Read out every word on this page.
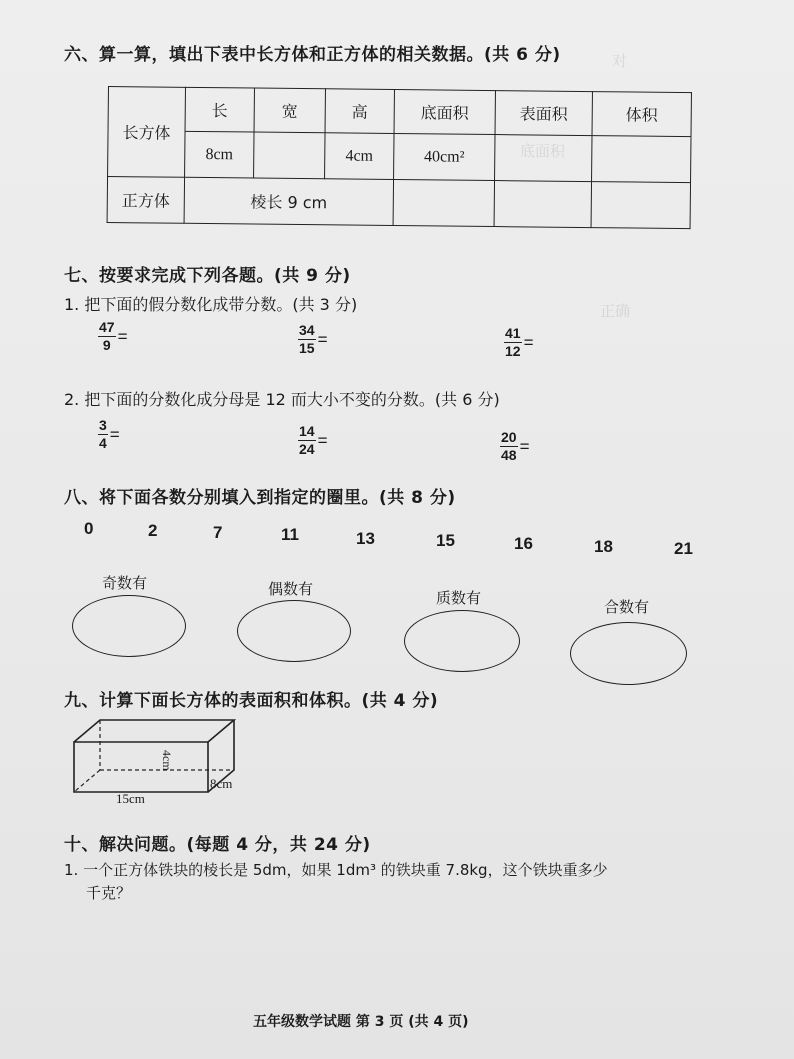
对
底面积
正确
六、算一算，填出下表中长方体和正方体的相关数据。(共 6 分)
长方体	长	宽	高	底面积	表面积	体积
	8cm		4cm	40cm²		
正方体	棱长 9 cm					
七、按要求完成下列各题。(共 9 分)
1. 把下面的假分数化成带分数。(共 3 分)
$\frac{47}{9}$ =	$\frac{34}{15}$ =	$\frac{41}{12}$ =
2. 把下面的分数化成分母是 12 而大小不变的分数。(共 6 分)
$\frac{3}{4}$ =	$\frac{14}{24}$ =	$\frac{20}{48}$ =
八、将下面各数分别填入到指定的圈里。(共 8 分)
0	2	7	11	13	15	16	18	21
奇数有	偶数有	质数有	合数有
九、计算下面长方体的表面积和体积。(共 4 分)
15cm
8cm
4cm
十、解决问题。(每题 4 分，共 24 分)
1. 一个正方体铁块的棱长是 5dm，如果 1dm³ 的铁块重 7.8kg，这个铁块重多少
千克？
五年级数学试题 第 3 页 (共 4 页)
